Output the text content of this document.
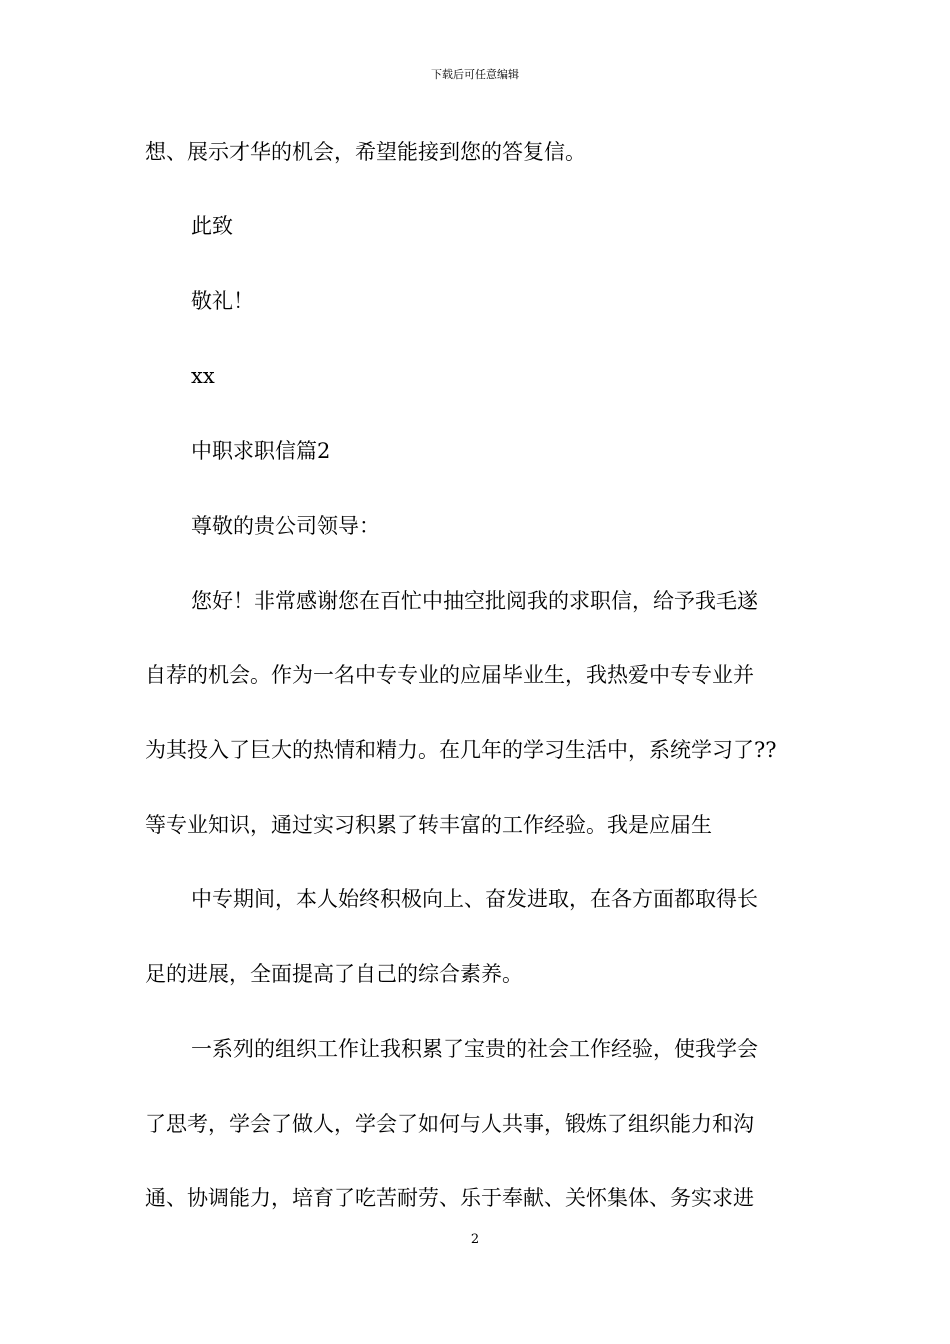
下载后可任意编辑
想、展示才华的机会，希望能接到您的答复信。
此致
敬礼！
xx
中职求职信篇2
尊敬的贵公司领导：
您好！非常感谢您在百忙中抽空批阅我的求职信，给予我毛遂
自荐的机会。作为一名中专专业的应届毕业生，我热爱中专专业并
为其投入了巨大的热情和精力。在几年的学习生活中，系统学习了??
等专业知识，通过实习积累了转丰富的工作经验。我是应届生
中专期间，本人始终积极向上、奋发进取，在各方面都取得长
足的进展，全面提高了自己的综合素养。
一系列的组织工作让我积累了宝贵的社会工作经验，使我学会
了思考，学会了做人，学会了如何与人共事，锻炼了组织能力和沟
通、协调能力，培育了吃苦耐劳、乐于奉献、关怀集体、务实求进
2
